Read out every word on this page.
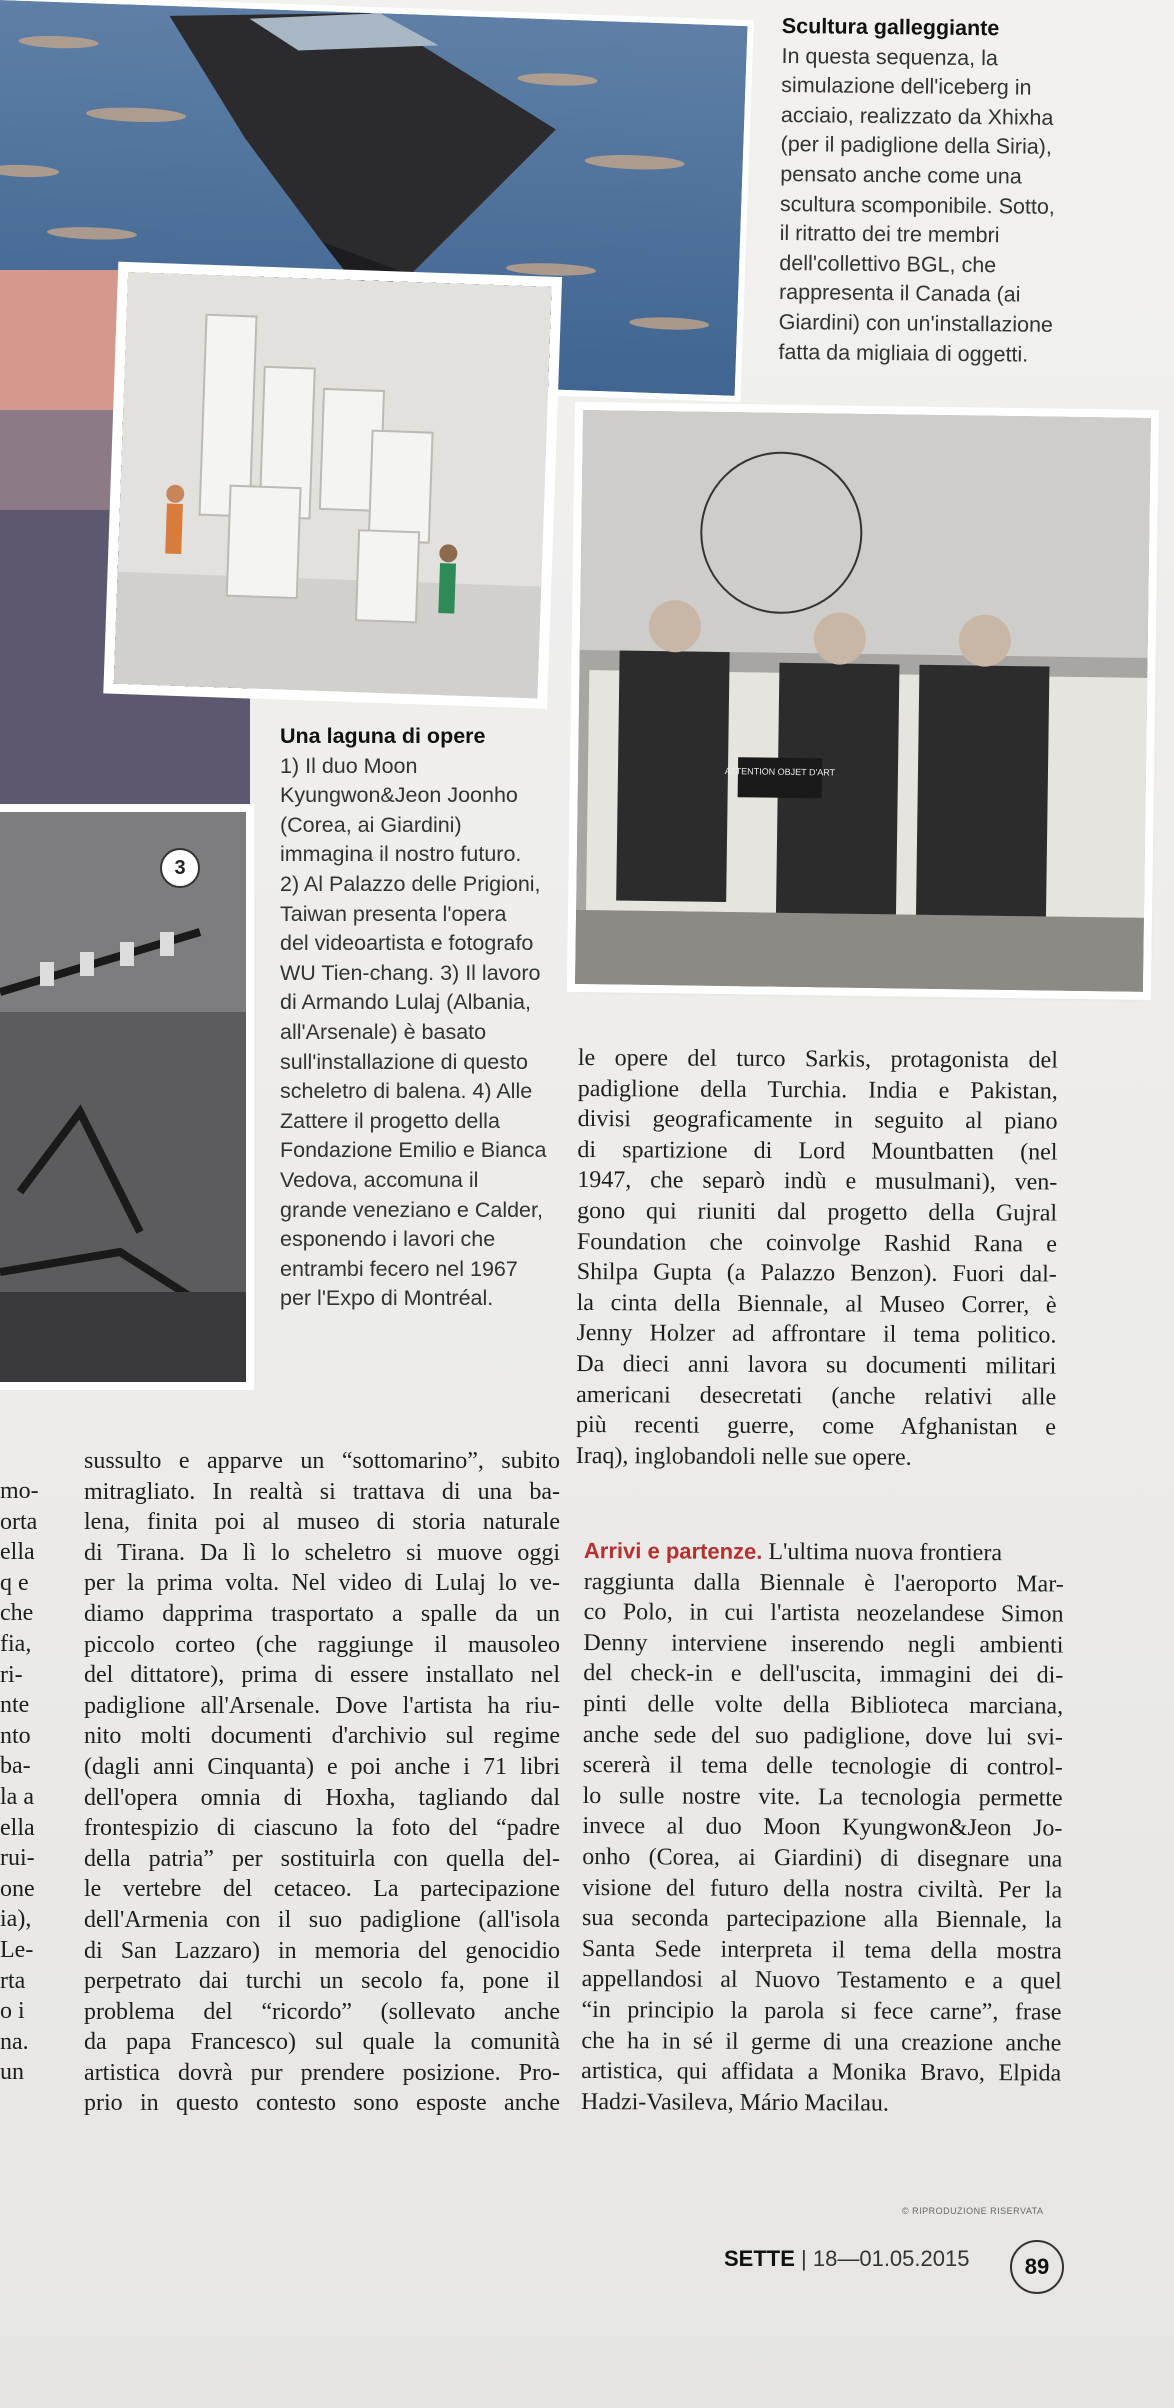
3
ATTENTION OBJET D'ART
Scultura galleggiante
In questa sequenza, la
simulazione dell'iceberg in
acciaio, realizzato da Xhixha
(per il padiglione della Siria),
pensato anche come una
scultura scomponibile. Sotto,
il ritratto dei tre membri
dell'collettivo BGL, che
rappresenta il Canada (ai
Giardini) con un'installazione
fatta da migliaia di oggetti.
Una laguna di opere
1) Il duo Moon
Kyungwon&Jeon Joonho
(Corea, ai Giardini)
immagina il nostro futuro.
2) Al Palazzo delle Prigioni,
Taiwan presenta l'opera
del videoartista e fotografo
WU Tien-chang. 3) Il lavoro
di Armando Lulaj (Albania,
all'Arsenale) è basato
sull'installazione di questo
scheletro di balena. 4) Alle
Zattere il progetto della
Fondazione Emilio e Bianca
Vedova, accomuna il
grande veneziano e Calder,
esponendo i lavori che
entrambi fecero nel 1967
per l'Expo di Montréal.
mo-
orta
ella
q e
che
fia,
ri-
nte
nto
ba-
la a
ella
rui-
one
ia),
Le-
rta
o i
na.
un
sussulto e apparve un “sottomarino”, subito
mitragliato. In realtà si trattava di una ba-
lena, finita poi al museo di storia naturale
di Tirana. Da lì lo scheletro si muove oggi
per la prima volta. Nel video di Lulaj lo ve-
diamo dapprima trasportato a spalle da un
piccolo corteo (che raggiunge il mausoleo
del dittatore), prima di essere installato nel
padiglione all'Arsenale. Dove l'artista ha riu-
nito molti documenti d'archivio sul regime
(dagli anni Cinquanta) e poi anche i 71 libri
dell'opera omnia di Hoxha, tagliando dal
frontespizio di ciascuno la foto del “padre
della patria” per sostituirla con quella del-
le vertebre del cetaceo. La partecipazione
dell'Armenia con il suo padiglione (all'isola
di San Lazzaro) in memoria del genocidio
perpetrato dai turchi un secolo fa, pone il
problema del “ricordo” (sollevato anche
da papa Francesco) sul quale la comunità
artistica dovrà pur prendere posizione. Pro-
prio in questo contesto sono esposte anche
le opere del turco Sarkis, protagonista del
padiglione della Turchia. India e Pakistan,
divisi geograficamente in seguito al piano
di spartizione di Lord Mountbatten (nel
1947, che separò indù e musulmani), ven-
gono qui riuniti dal progetto della Gujral
Foundation che coinvolge Rashid Rana e
Shilpa Gupta (a Palazzo Benzon). Fuori dal-
la cinta della Biennale, al Museo Correr, è
Jenny Holzer ad affrontare il tema politico.
Da dieci anni lavora su documenti militari
americani desecretati (anche relativi alle
più recenti guerre, come Afghanistan e
Iraq), inglobandoli nelle sue opere.
Arrivi e partenze. L'ultima nuova frontiera
raggiunta dalla Biennale è l'aeroporto Mar-
co Polo, in cui l'artista neozelandese Simon
Denny interviene inserendo negli ambienti
del check-in e dell'uscita, immagini dei di-
pinti delle volte della Biblioteca marciana,
anche sede del suo padiglione, dove lui svi-
scererà il tema delle tecnologie di control-
lo sulle nostre vite. La tecnologia permette
invece al duo Moon Kyungwon&Jeon Jo-
onho (Corea, ai Giardini) di disegnare una
visione del futuro della nostra civiltà. Per la
sua seconda partecipazione alla Biennale, la
Santa Sede interpreta il tema della mostra
appellandosi al Nuovo Testamento e a quel
“in principio la parola si fece carne”, frase
che ha in sé il germe di una creazione anche
artistica, qui affidata a Monika Bravo, Elpida
Hadzi-Vasileva, Mário Macilau.
© RIPRODUZIONE RISERVATA
SETTE | 18—01.05.2015	89
